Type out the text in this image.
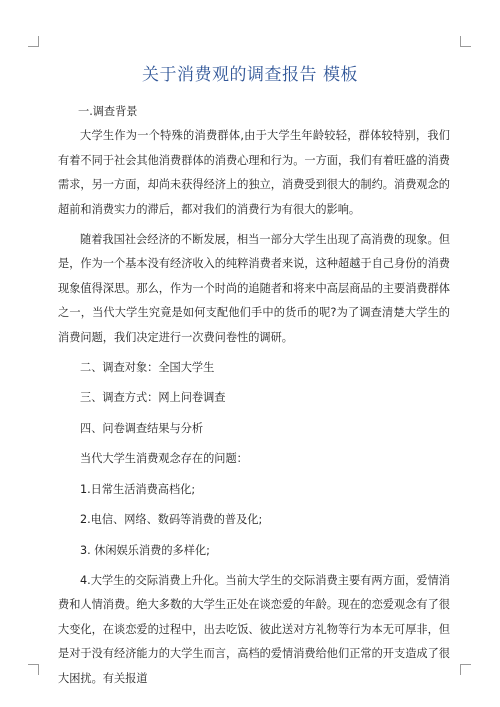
关于消费观的调查报告 模板

一.调查背景

大学生作为一个特殊的消费群体,由于大学生年龄较轻，群体较特别，我们有着不同于社会其他消费群体的消费心理和行为。一方面，我们有着旺盛的消费需求，另一方面，却尚未获得经济上的独立，消费受到很大的制约。消费观念的超前和消费实力的滞后，都对我们的消费行为有很大的影响。

随着我国社会经济的不断发展，相当一部分大学生出现了高消费的现象。但是，作为一个基本没有经济收入的纯粹消费者来说，这种超越于自己身份的消费现象值得深思。那么，作为一个时尚的追随者和将来中高层商品的主要消费群体之一，当代大学生究竟是如何支配他们手中的货币的呢?为了调查清楚大学生的消费问题，我们决定进行一次费问卷性的调研。

二、调查对象：全国大学生

三、调查方式：网上问卷调查

四、问卷调查结果与分析

当代大学生消费观念存在的问题：

1.日常生活消费高档化;

2.电信、网络、数码等消费的普及化;

3. 休闲娱乐消费的多样化;

4.大学生的交际消费上升化。当前大学生的交际消费主要有两方面，爱情消费和人情消费。绝大多数的大学生正处在谈恋爱的年龄。现在的恋爱观念有了很大变化，在谈恋爱的过程中，出去吃饭、彼此送对方礼物等行为本无可厚非，但是对于没有经济能力的大学生而言，高档的爱情消费给他们正常的开支造成了很大困扰。有关报道
